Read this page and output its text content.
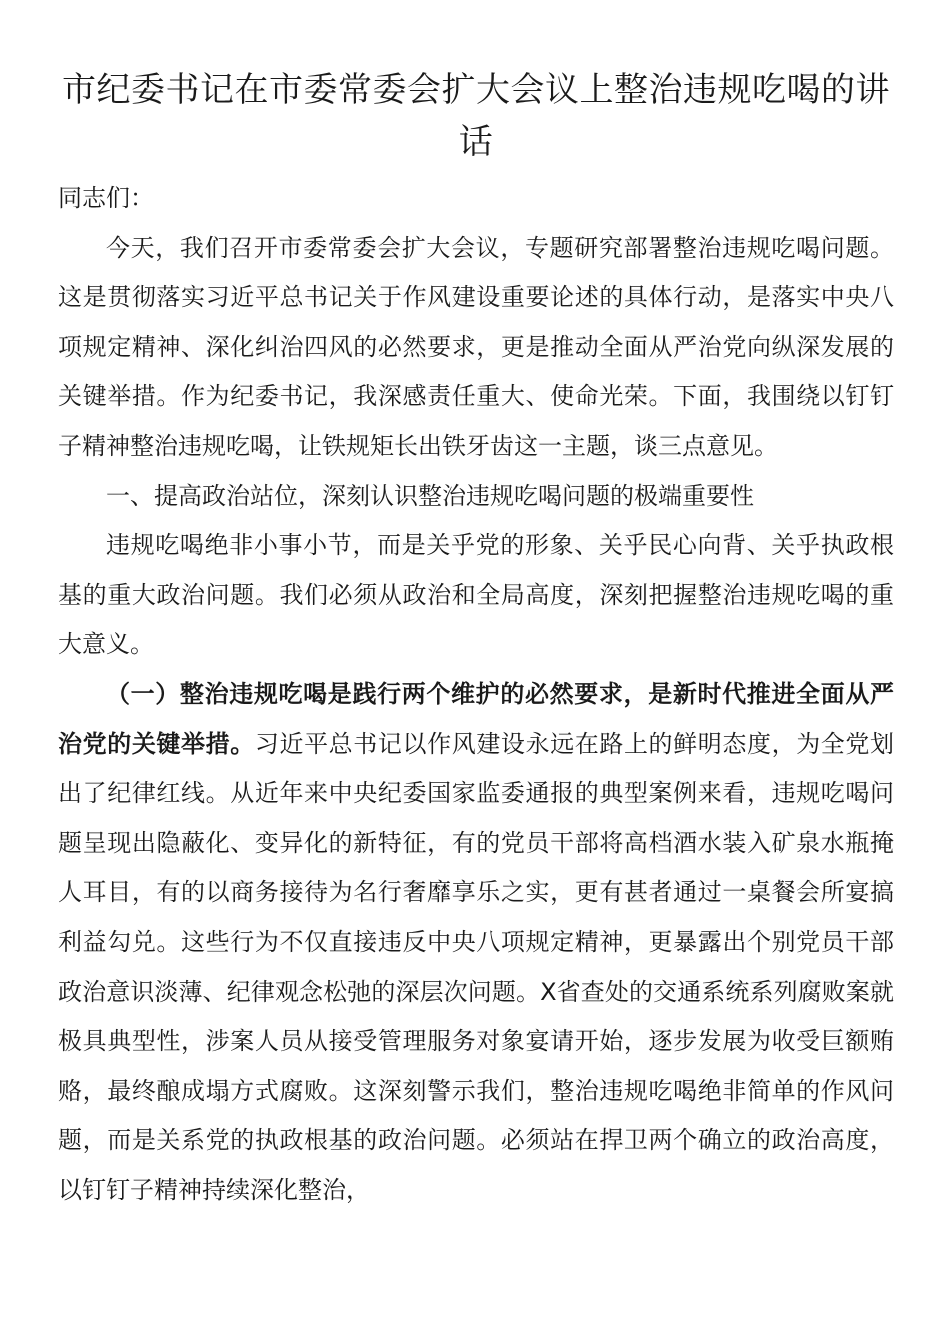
市纪委书记在市委常委会扩大会议上整治违规吃喝的讲话

同志们：

今天，我们召开市委常委会扩大会议，专题研究部署整治违规吃喝问题。这是贯彻落实习近平总书记关于作风建设重要论述的具体行动，是落实中央八项规定精神、深化纠治四风的必然要求，更是推动全面从严治党向纵深发展的关键举措。作为纪委书记，我深感责任重大、使命光荣。下面，我围绕以钉钉子精神整治违规吃喝，让铁规矩长出铁牙齿这一主题，谈三点意见。

一、提高政治站位，深刻认识整治违规吃喝问题的极端重要性

违规吃喝绝非小事小节，而是关乎党的形象、关乎民心向背、关乎执政根基的重大政治问题。我们必须从政治和全局高度，深刻把握整治违规吃喝的重大意义。

（一）整治违规吃喝是践行两个维护的必然要求，是新时代推进全面从严治党的关键举措。习近平总书记以作风建设永远在路上的鲜明态度，为全党划出了纪律红线。从近年来中央纪委国家监委通报的典型案例来看，违规吃喝问题呈现出隐蔽化、变异化的新特征，有的党员干部将高档酒水装入矿泉水瓶掩人耳目，有的以商务接待为名行奢靡享乐之实，更有甚者通过一桌餐会所宴搞利益勾兑。这些行为不仅直接违反中央八项规定精神，更暴露出个别党员干部政治意识淡薄、纪律观念松弛的深层次问题。X省查处的交通系统系列腐败案就极具典型性，涉案人员从接受管理服务对象宴请开始，逐步发展为收受巨额贿赂，最终酿成塌方式腐败。这深刻警示我们，整治违规吃喝绝非简单的作风问题，而是关系党的执政根基的政治问题。必须站在捍卫两个确立的政治高度，以钉钉子精神持续深化整治，
